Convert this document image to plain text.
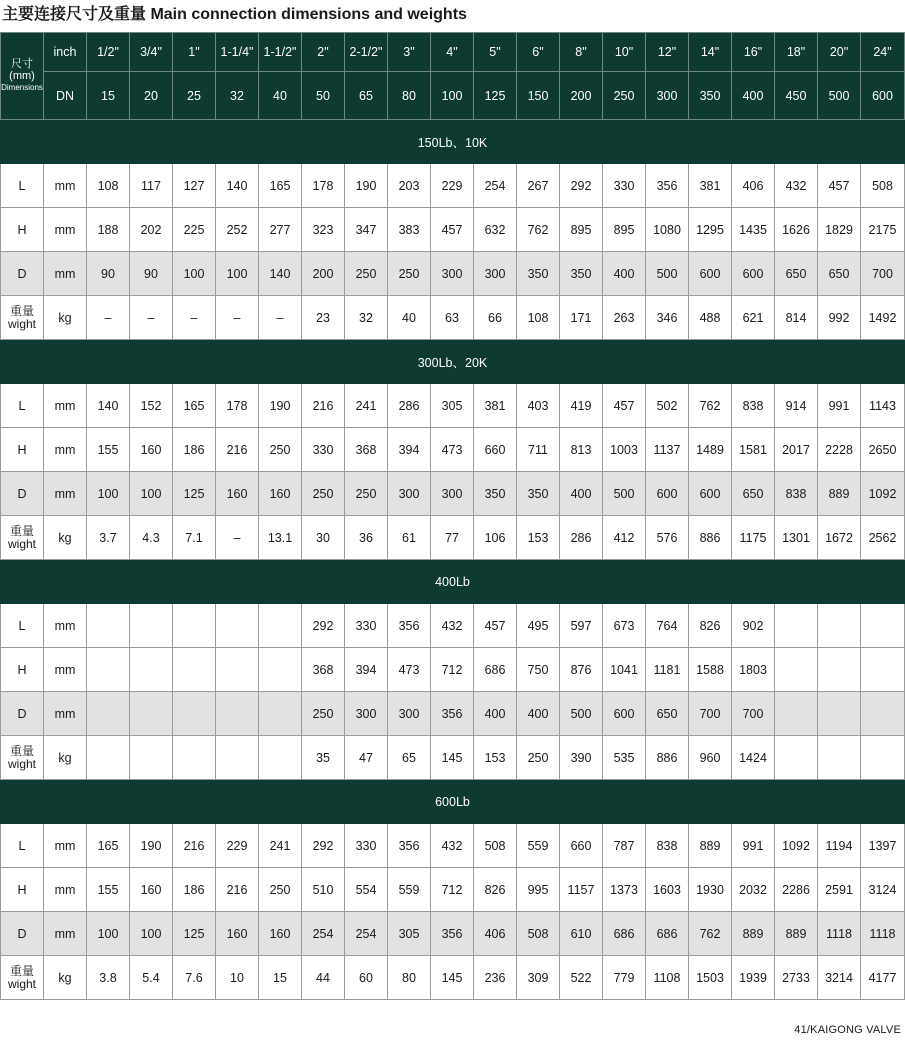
主要连接尺寸及重量 Main connection dimensions and weights
尺寸
(mm)
Dimensions	inch	1/2"	3/4"	1"	1-1/4"	1-1/2"	2"	2-1/2"	3"	4"	5"	6"	8"	10"	12"	14"	16"	18"	20"	24"
	DN	15	20	25	32	40	50	65	80	100	125	150	200	250	300	350	400	450	500	600
150Lb、10K																				
L	mm	108	117	127	140	165	178	190	203	229	254	267	292	330	356	381	406	432	457	508
H	mm	188	202	225	252	277	323	347	383	457	632	762	895	895	1080	1295	1435	1626	1829	2175
D	mm	90	90	100	100	140	200	250	250	300	300	350	350	400	500	600	600	650	650	700
重量 wight	kg	–	–	–	–	–	23	32	40	63	66	108	171	263	346	488	621	814	992	1492
300Lb、20K																				
L	mm	140	152	165	178	190	216	241	286	305	381	403	419	457	502	762	838	914	991	1143
H	mm	155	160	186	216	250	330	368	394	473	660	711	813	1003	1137	1489	1581	2017	2228	2650
D	mm	100	100	125	160	160	250	250	300	300	350	350	400	500	600	600	650	838	889	1092
重量 wight	kg	3.7	4.3	7.1	–	13.1	30	36	61	77	106	153	286	412	576	886	1175	1301	1672	2562
400Lb																				
L	mm						292	330	356	432	457	495	597	673	764	826	902			
H	mm						368	394	473	712	686	750	876	1041	1181	1588	1803			
D	mm						250	300	300	356	400	400	500	600	650	700	700			
重量 wight	kg						35	47	65	145	153	250	390	535	886	960	1424			
600Lb																				
L	mm	165	190	216	229	241	292	330	356	432	508	559	660	787	838	889	991	1092	1194	1397
H	mm	155	160	186	216	250	510	554	559	712	826	995	1157	1373	1603	1930	2032	2286	2591	3124
D	mm	100	100	125	160	160	254	254	305	356	406	508	610	686	686	762	889	889	1118	1118
重量 wight	kg	3.8	5.4	7.6	10	15	44	60	80	145	236	309	522	779	1108	1503	1939	2733	3214	4177
41/KAIGONG VALVE
